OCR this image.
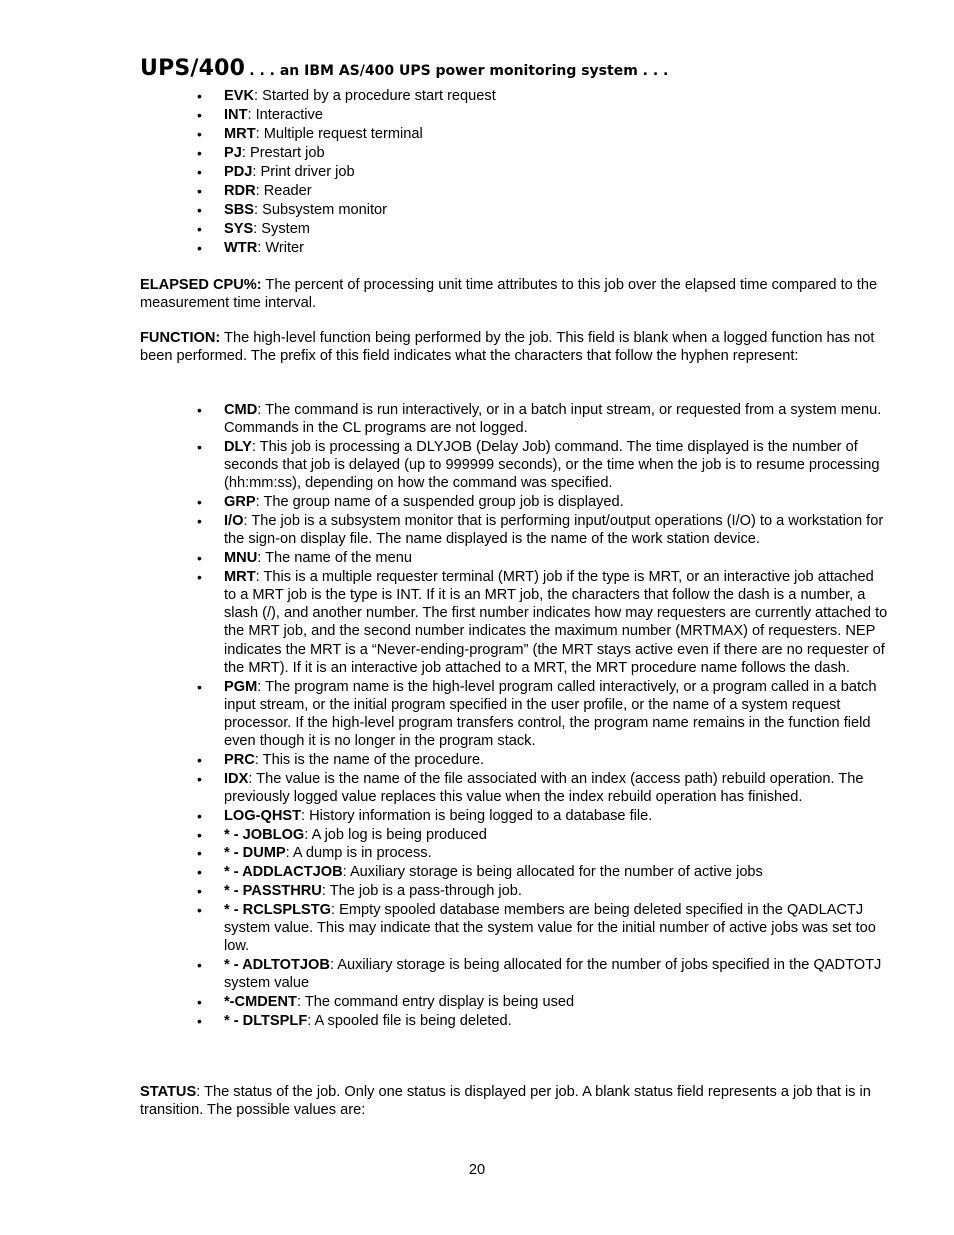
UPS/400 . . . an IBM AS/400 UPS power monitoring system . . .
• EVK: Started by a procedure start request
• INT: Interactive
• MRT: Multiple request terminal
• PJ: Prestart job
• PDJ: Print driver job
• RDR: Reader
• SBS: Subsystem monitor
• SYS: System
• WTR: Writer
ELAPSED CPU%: The percent of processing unit time attributes to this job over the elapsed time compared to the measurement time interval.
FUNCTION: The high-level function being performed by the job. This field is blank when a logged function has not been performed. The prefix of this field indicates what the characters that follow the hyphen represent:
• CMD: The command is run interactively, or in a batch input stream, or requested from a system menu. Commands in the CL programs are not logged.
• DLY: This job is processing a DLYJOB (Delay Job) command. The time displayed is the number of seconds that job is delayed (up to 999999 seconds), or the time when the job is to resume processing (hh:mm:ss), depending on how the command was specified.
• GRP: The group name of a suspended group job is displayed.
• I/O: The job is a subsystem monitor that is performing input/output operations (I/O) to a workstation for the sign-on display file. The name displayed is the name of the work station device.
• MNU: The name of the menu
• MRT: This is a multiple requester terminal (MRT) job if the type is MRT, or an interactive job attached to a MRT job is the type is INT. If it is an MRT job, the characters that follow the dash is a number, a slash (/), and another number. The first number indicates how may requesters are currently attached to the MRT job, and the second number indicates the maximum number (MRTMAX) of requesters. NEP indicates the MRT is a “Never-ending-program” (the MRT stays active even if there are no requester of the MRT). If it is an interactive job attached to a MRT, the MRT procedure name follows the dash.
• PGM: The program name is the high-level program called interactively, or a program called in a batch input stream, or the initial program specified in the user profile, or the name of a system request processor. If the high-level program transfers control, the program name remains in the function field even though it is no longer in the program stack.
• PRC: This is the name of the procedure.
• IDX: The value is the name of the file associated with an index (access path) rebuild operation. The previously logged value replaces this value when the index rebuild operation has finished.
• LOG-QHST: History information is being logged to a database file.
• * - JOBLOG: A job log is being produced
• * - DUMP: A dump is in process.
• * - ADDLACTJOB: Auxiliary storage is being allocated for the number of active jobs
• * - PASSTHRU: The job is a pass-through job.
• * - RCLSPLSTG: Empty spooled database members are being deleted specified in the QADLACTJ system value. This may indicate that the system value for the initial number of active jobs was set too low.
• * - ADLTOTJOB: Auxiliary storage is being allocated for the number of jobs specified in the QADTOTJ system value
• *-CMDENT: The command entry display is being used
• * - DLTSPLF: A spooled file is being deleted.
STATUS: The status of the job. Only one status is displayed per job. A blank status field represents a job that is in transition. The possible values are:
20
